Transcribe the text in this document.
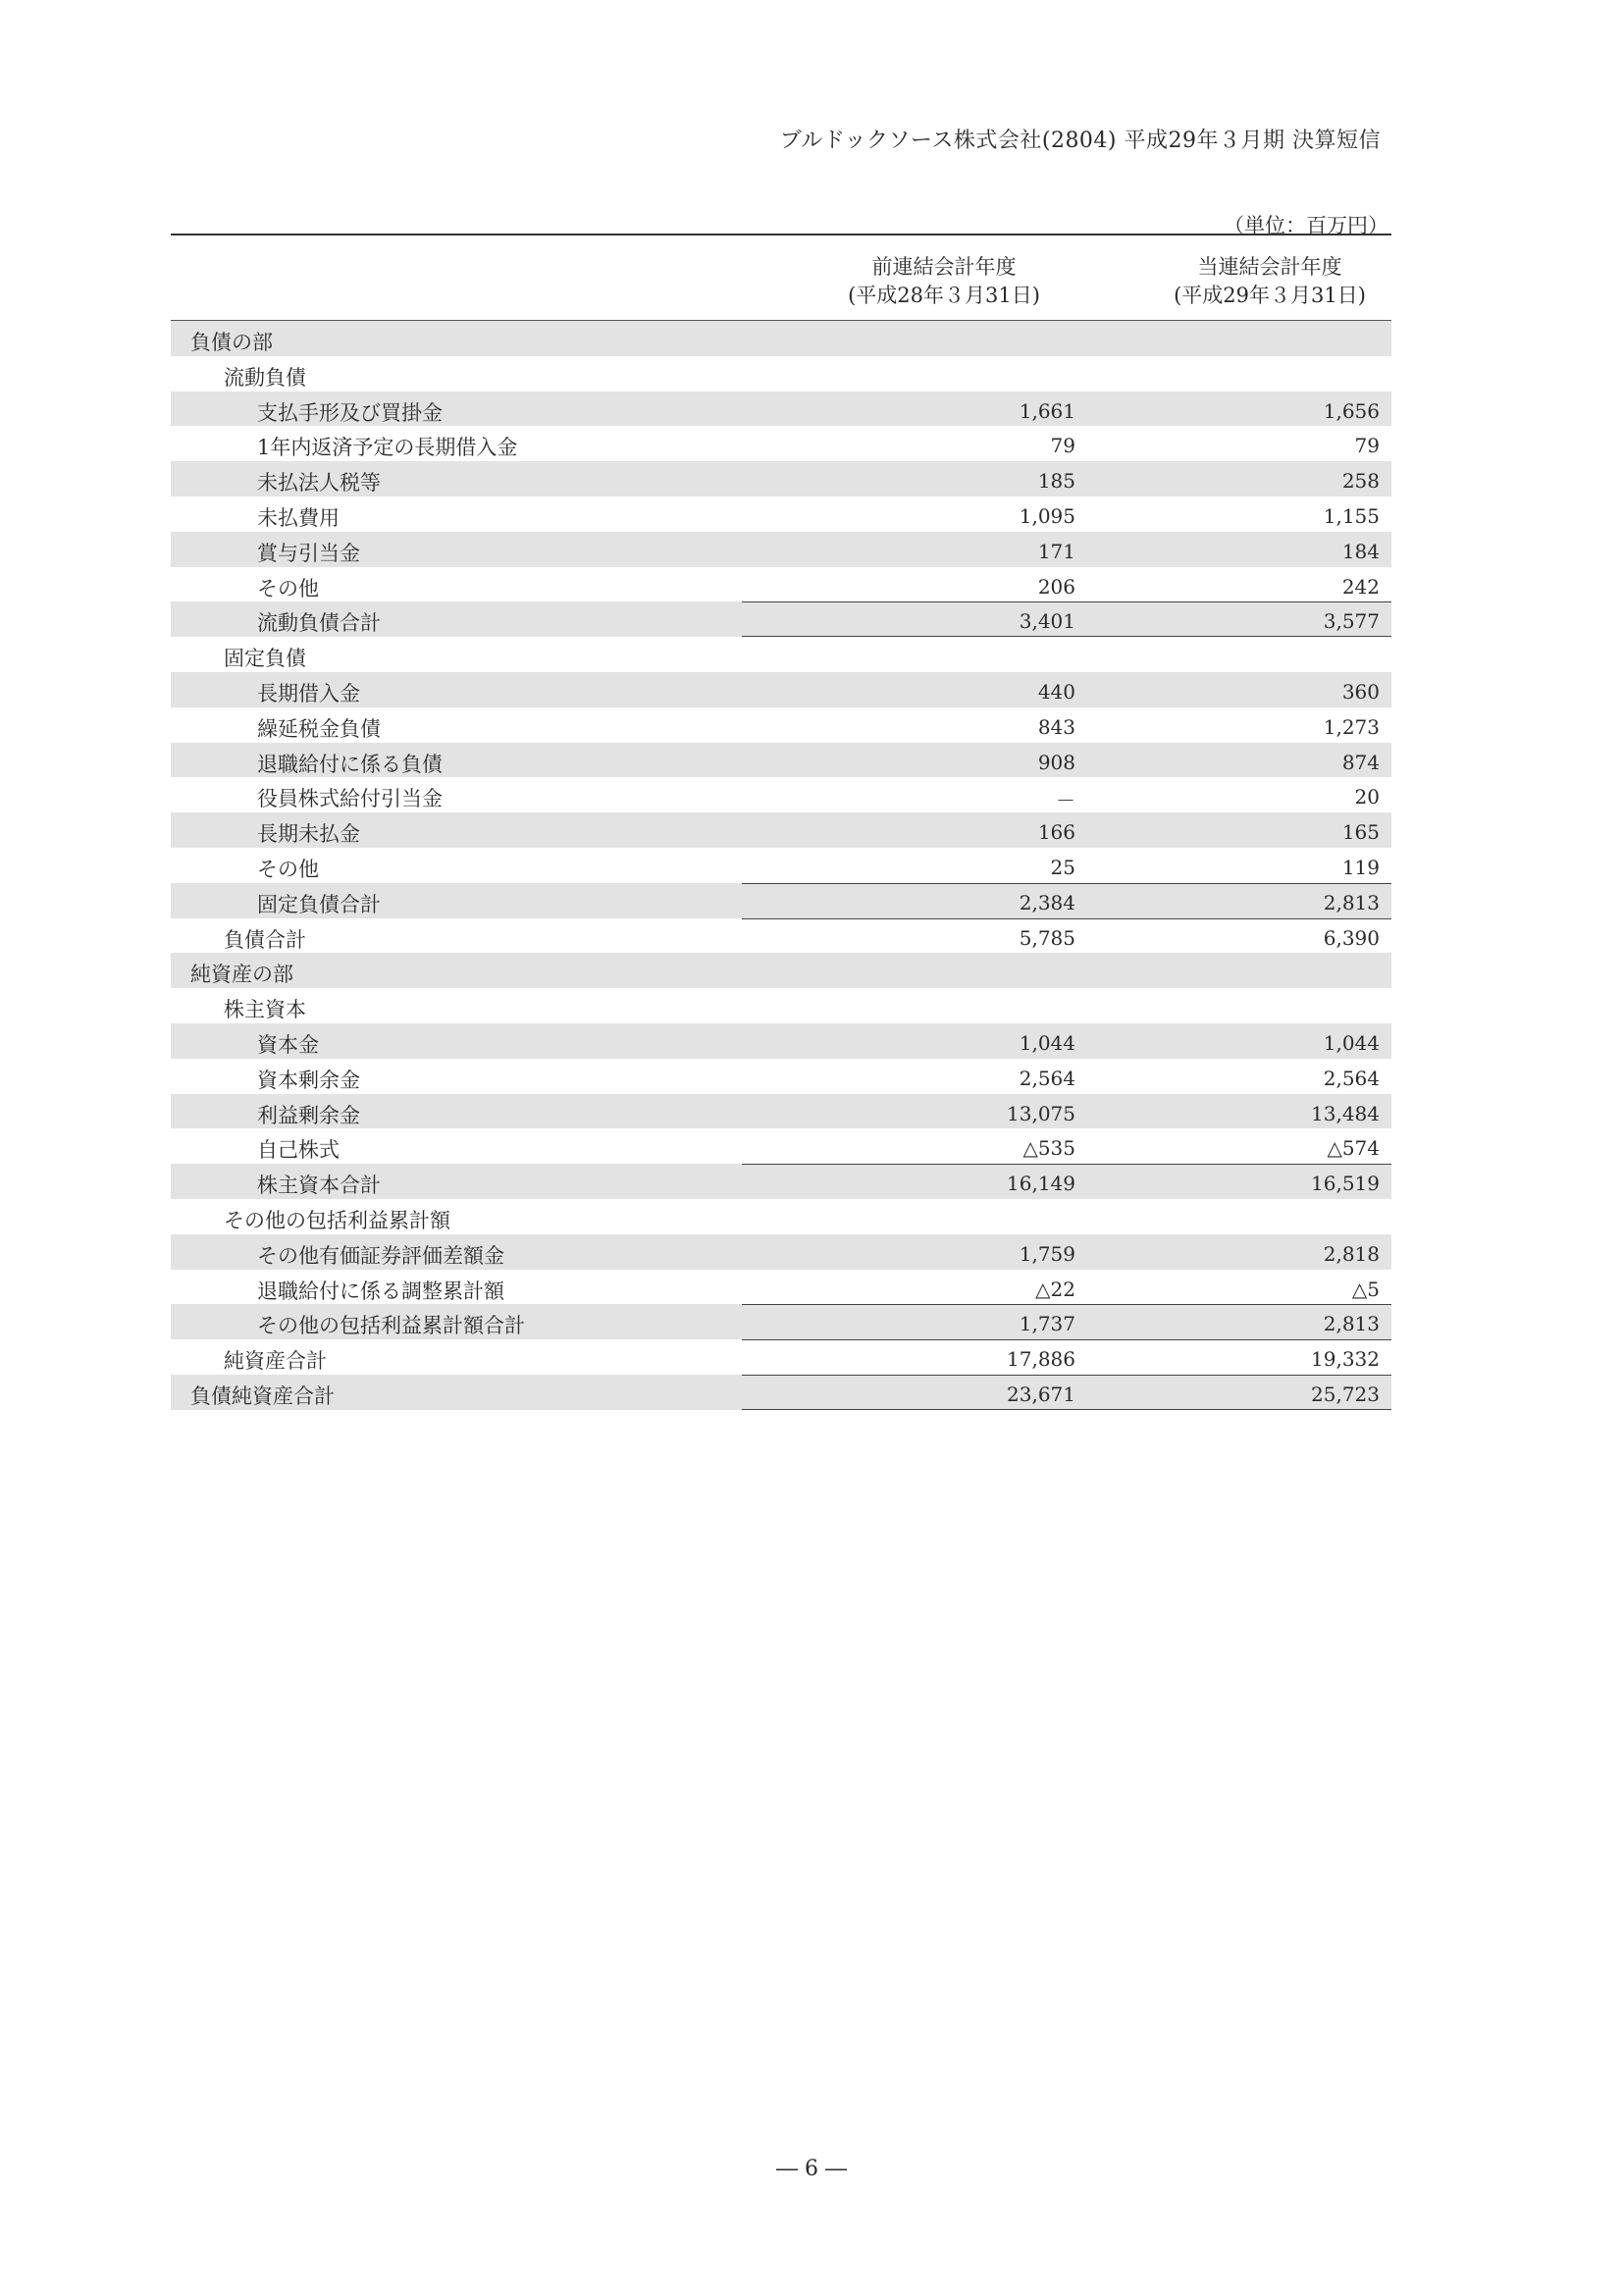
ブルドックソース株式会社(2804) 平成29年３月期 決算短信
（単位：百万円）
前連結会計年度
(平成28年３月31日)
当連結会計年度
(平成29年３月31日)
負債の部
流動負債
支払手形及び買掛金	1,661	1,656
1年内返済予定の長期借入金	79	79
未払法人税等	185	258
未払費用	1,095	1,155
賞与引当金	171	184
その他	206	242
流動負債合計	3,401	3,577
固定負債
長期借入金	440	360
繰延税金負債	843	1,273
退職給付に係る負債	908	874
役員株式給付引当金	－	20
長期未払金	166	165
その他	25	119
固定負債合計	2,384	2,813
負債合計	5,785	6,390
純資産の部
株主資本
資本金	1,044	1,044
資本剰余金	2,564	2,564
利益剰余金	13,075	13,484
自己株式	△535	△574
株主資本合計	16,149	16,519
その他の包括利益累計額
その他有価証券評価差額金	1,759	2,818
退職給付に係る調整累計額	△22	△5
その他の包括利益累計額合計	1,737	2,813
純資産合計	17,886	19,332
負債純資産合計	23,671	25,723
― 6 ―
